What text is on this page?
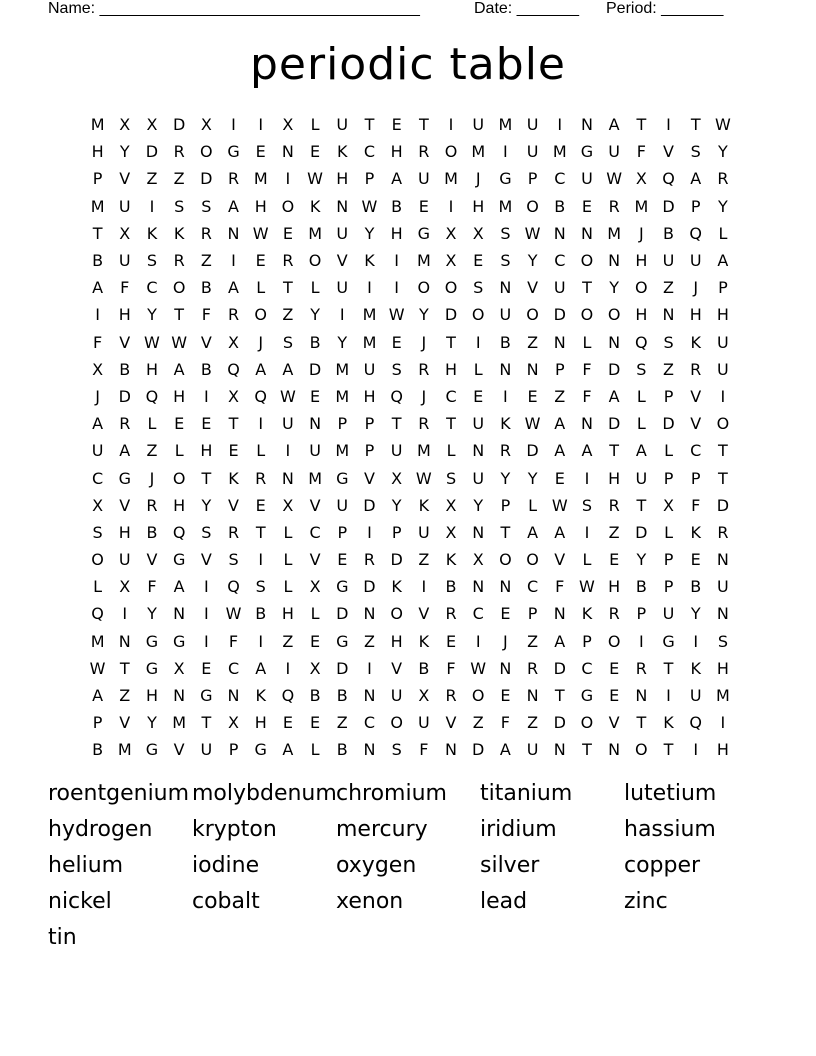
Name: ____________________________________	Date: _______ Period: _______
periodic table
M X	X D X	I	I	X	L	U	T	E	T	I	U M U	I	N A	T	I	T W
H	Y	D R O G E	N	E	K	C H R O M	I	U M G U	F	V	S	Y
P	V	Z	Z D R M	I	W H	P	A U M	J	G	P	C U W X Q A	R
M U	I	S	S	A H O K N W B	E	I	H M O B	E	R M D	P	Y
T	X	K	K	R N W E M U	Y	H G X	X	S W N N M	J	B Q	L
B U	S	R	Z	I	E	R O V	K	I	M X	E	S	Y	C O N H U U A
A	F	C O B	A	L	T	L	U	I	I	O O S	N V U	T	Y	O Z	J	P
I	H	Y	T	F	R O Z	Y	I	M W Y	D O U O D O O H N H H
F	V W W V	X	J	S	B	Y M E	J	T	I	B	Z N	L	N Q S	K	U
X	B H A	B Q A	A D M U	S	R H	L	N N	P	F	D S	Z	R U
J	D Q H	I	X Q W E M H Q	J	C	E	I	E	Z	F	A	L	P	V	I
A	R	L	E	E	T	I	U N	P	P	T	R	T	U	K W A N D	L	D V O
U A	Z	L	H	E	L	I	U M P	U M L	N R D A	A	T	A	L	C	T
C G	J	O	T	K	R N M G V	X W S	U	Y	Y	E	I	H U	P	P	T
X	V	R H	Y	V	E	X	V U D	Y	K	X	Y	P	L W S	R	T	X	F	D
S	H B Q S	R	T	L	C	P	I	P	U X N	T	A	A	I	Z D	L	K	R
O U V G V	S	I	L	V	E	R D Z	K	X O O V	L	E	Y	P	E	N
L	X	F	A	I	Q S	L	X G D K	I	B N N C	F W H B	P	B U
Q	I	Y	N	I	W B H	L	D N O V	R	C	E	P	N K	R	P	U	Y	N
M N G G	I	F	I	Z	E G Z H K	E	I	J	Z	A	P	O	I	G	I	S
W T	G X	E	C	A	I	X D	I	V	B	F W N R D C	E	R	T	K H
A	Z H N G N K Q B	B N U X	R O E	N	T	G E	N	I	U M
P	V	Y M T	X H	E	E	Z	C O U V	Z	F	Z D O V	T	K Q	I
B M G V U	P	G A	L	B N	S	F	N D A U N	T	N O	T	I	H
roentgenium molybdenum chromium titanium lutetium
hydrogen krypton	mercury iridium	hassium
helium	iodine	oxygen	silver	copper
nickel	cobalt	xenon	lead	zinc
tin
